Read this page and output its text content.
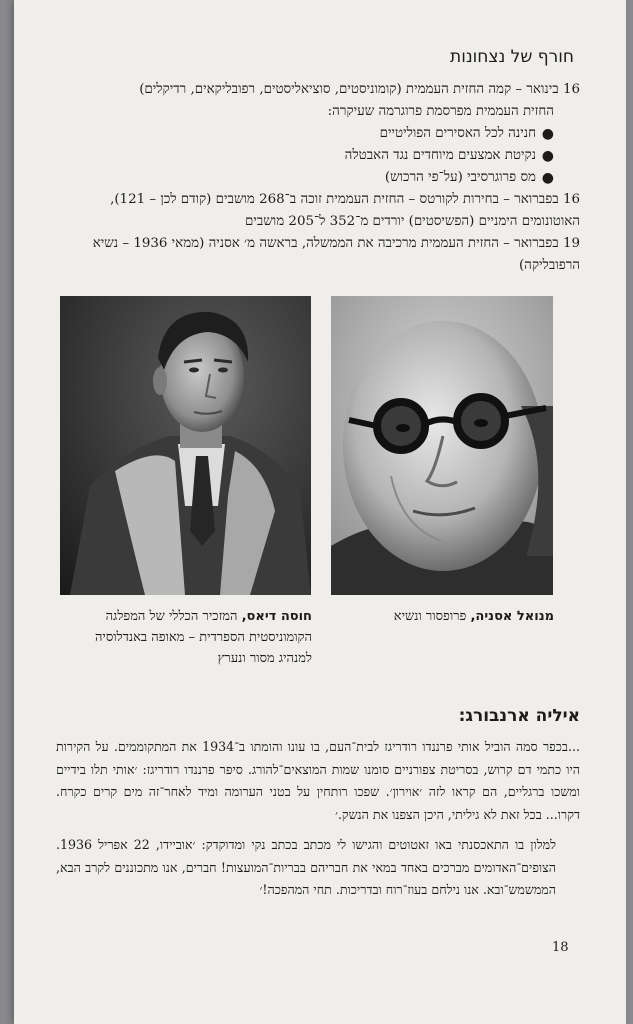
חורף של נצחונות

16 בינואר – קמה החזית העממית (קומוניסטים, סוציאליסטים, רפובליקאים, רדיקלים)

החזית העממית מפרסמת פרוגרמה שעיקרה:

●
חנינה לכל האסירים הפוליטיים
●
נקיטת אמצעים מיוחדים נגד האבטלה
●
מס פרוגרסיבי (על־פי הרכוש)

16 בפברואר – בחירות לקורטס – החזית העממית זוכה ב־268 מושבים (קודם לכן – 121), האוטונומים הימניים (הפשיסטים) יורדים מ־352 ל־205 מושבים

19 בפברואר – החזית העממית מרכיבה את הממשלה, בראשה מ׳ אסניה (ממאי 1936 – נשיא הרפובליקה)

חוסה דיאס, המזכיר הכללי של המפלגה הקומוניסטית הספרדית – מאופה באנדלוסיה למנהיג מסור ונערץ
מנואל אסניה, פרופסור ונשיא
איליה ארנבורג:

...בכפר סמה הוביל אותי פרננדו רודריגז לבית־העם, בו עונו והומתו ב־1934 את המתקוממים. על הקירות היו כתמי דם קרוש, בסריטת צפורניים סומנו שמות המוצאים־להורג. סיפר פרננדו רודריגז: ׳אותי תלו בידיים ומשכו ברגליים, הם קראו לזה ׳אוירון׳. שפכו רותחין על בטני הערומה ומיד לאחר־זה מים קרים כקרח. דקרו... בכל זאת לא גיליתי, היכן הצפנו את הנשק.׳

למלון בו התאכסנתי באו זאטוטים והגישו לי מכתב בכתב נקי ומדוקדק: ׳אוביידו, 22 אפריל 1936. הצופים־האדומים מברכים באחד במאי את חבריהם בבריות־המועצות! חברים, אנו מתכוננים לקרב הבא, הממשמש־ובא. אנו נילחם בעוז־רוח ובדריכות. תחי המהפכה!׳

18
